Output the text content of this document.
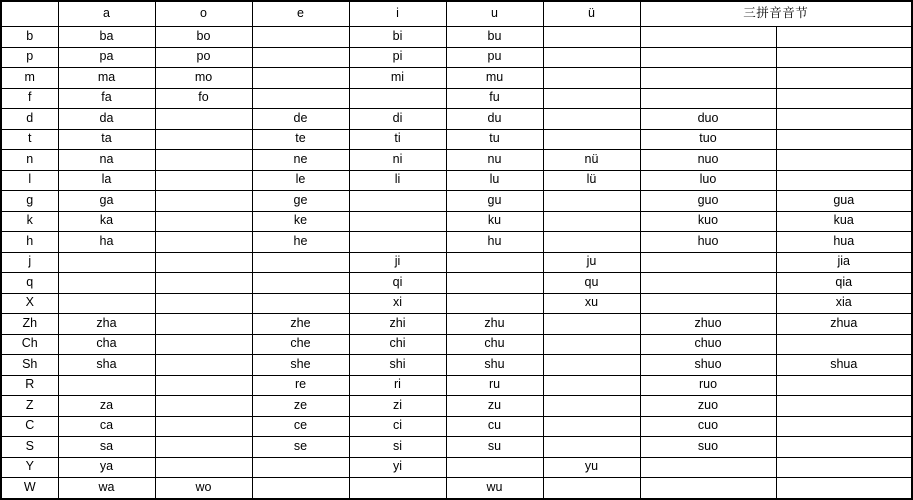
	a	o	e	i	u	ü	三拼音音节	
b	ba	bo		bi	bu			
p	pa	po		pi	pu			
m	ma	mo		mi	mu			
f	fa	fo			fu			
d	da		de	di	du		duo	
t	ta		te	ti	tu		tuo	
n	na		ne	ni	nu	nü	nuo	
l	la		le	li	lu	lü	luo	
g	ga		ge		gu		guo	gua
k	ka		ke		ku		kuo	kua
h	ha		he		hu		huo	hua
j				ji		ju		jia
q				qi		qu		qia
X				xi		xu		xia
Zh	zha		zhe	zhi	zhu		zhuo	zhua
Ch	cha		che	chi	chu		chuo	
Sh	sha		she	shi	shu		shuo	shua
R			re	ri	ru		ruo	
Z	za		ze	zi	zu		zuo	
C	ca		ce	ci	cu		cuo	
S	sa		se	si	su		suo	
Y	ya			yi		yu		
W	wa	wo			wu			
